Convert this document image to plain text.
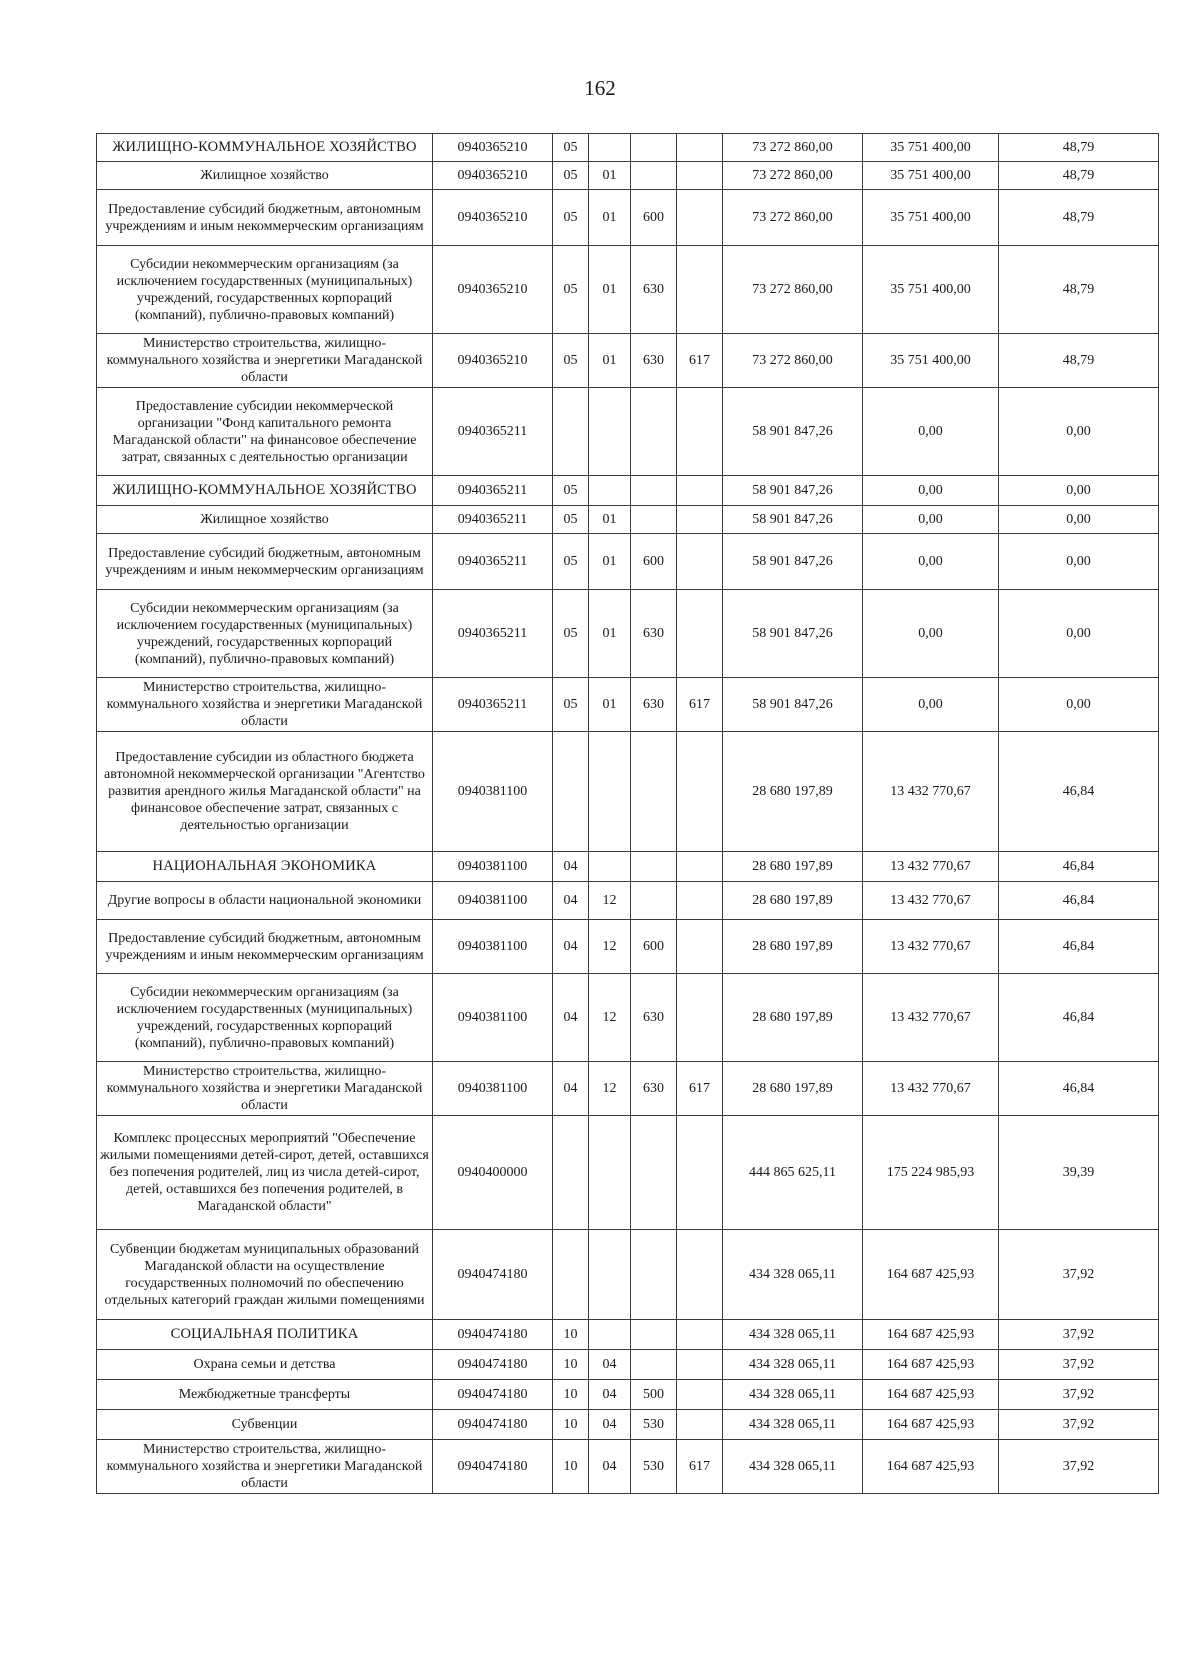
162
ЖИЛИЩНО-КОММУНАЛЬНОЕ ХОЗЯЙСТВО	0940365210	05				73 272 860,00	35 751 400,00	48,79
Жилищное хозяйство	0940365210	05	01			73 272 860,00	35 751 400,00	48,79
Предоставление субсидий бюджетным, автономным учреждениям и иным некоммерческим организациям	0940365210	05	01	600		73 272 860,00	35 751 400,00	48,79
Субсидии некоммерческим организациям (за исключением государственных (муниципальных) учреждений, государственных корпораций (компаний), публично-правовых компаний)	0940365210	05	01	630		73 272 860,00	35 751 400,00	48,79
Министерство строительства, жилищно-коммунального хозяйства и энергетики Магаданской области	0940365210	05	01	630	617	73 272 860,00	35 751 400,00	48,79
Предоставление субсидии некоммерческой организации "Фонд капитального ремонта Магаданской области" на финансовое обеспечение затрат, связанных с деятельностью организации	0940365211					58 901 847,26	0,00	0,00
ЖИЛИЩНО-КОММУНАЛЬНОЕ ХОЗЯЙСТВО	0940365211	05				58 901 847,26	0,00	0,00
Жилищное хозяйство	0940365211	05	01			58 901 847,26	0,00	0,00
Предоставление субсидий бюджетным, автономным учреждениям и иным некоммерческим организациям	0940365211	05	01	600		58 901 847,26	0,00	0,00
Субсидии некоммерческим организациям (за исключением государственных (муниципальных) учреждений, государственных корпораций (компаний), публично-правовых компаний)	0940365211	05	01	630		58 901 847,26	0,00	0,00
Министерство строительства, жилищно-коммунального хозяйства и энергетики Магаданской области	0940365211	05	01	630	617	58 901 847,26	0,00	0,00
Предоставление субсидии из областного бюджета автономной некоммерческой организации "Агентство развития арендного жилья Магаданской области" на финансовое обеспечение затрат, связанных с деятельностью организации	0940381100					28 680 197,89	13 432 770,67	46,84
НАЦИОНАЛЬНАЯ ЭКОНОМИКА	0940381100	04				28 680 197,89	13 432 770,67	46,84
Другие вопросы в области национальной экономики	0940381100	04	12			28 680 197,89	13 432 770,67	46,84
Предоставление субсидий бюджетным, автономным учреждениям и иным некоммерческим организациям	0940381100	04	12	600		28 680 197,89	13 432 770,67	46,84
Субсидии некоммерческим организациям (за исключением государственных (муниципальных) учреждений, государственных корпораций (компаний), публично-правовых компаний)	0940381100	04	12	630		28 680 197,89	13 432 770,67	46,84
Министерство строительства, жилищно-коммунального хозяйства и энергетики Магаданской области	0940381100	04	12	630	617	28 680 197,89	13 432 770,67	46,84
Комплекс процессных мероприятий "Обеспечение жилыми помещениями детей-сирот, детей, оставшихся без попечения родителей, лиц из числа детей-сирот, детей, оставшихся без попечения родителей, в Магаданской области"	0940400000					444 865 625,11	175 224 985,93	39,39
Субвенции бюджетам муниципальных образований Магаданской области на осуществление государственных полномочий по обеспечению отдельных категорий граждан жилыми помещениями	0940474180					434 328 065,11	164 687 425,93	37,92
СОЦИАЛЬНАЯ ПОЛИТИКА	0940474180	10				434 328 065,11	164 687 425,93	37,92
Охрана семьи и детства	0940474180	10	04			434 328 065,11	164 687 425,93	37,92
Межбюджетные трансферты	0940474180	10	04	500		434 328 065,11	164 687 425,93	37,92
Субвенции	0940474180	10	04	530		434 328 065,11	164 687 425,93	37,92
Министерство строительства, жилищно-коммунального хозяйства и энергетики Магаданской области	0940474180	10	04	530	617	434 328 065,11	164 687 425,93	37,92
